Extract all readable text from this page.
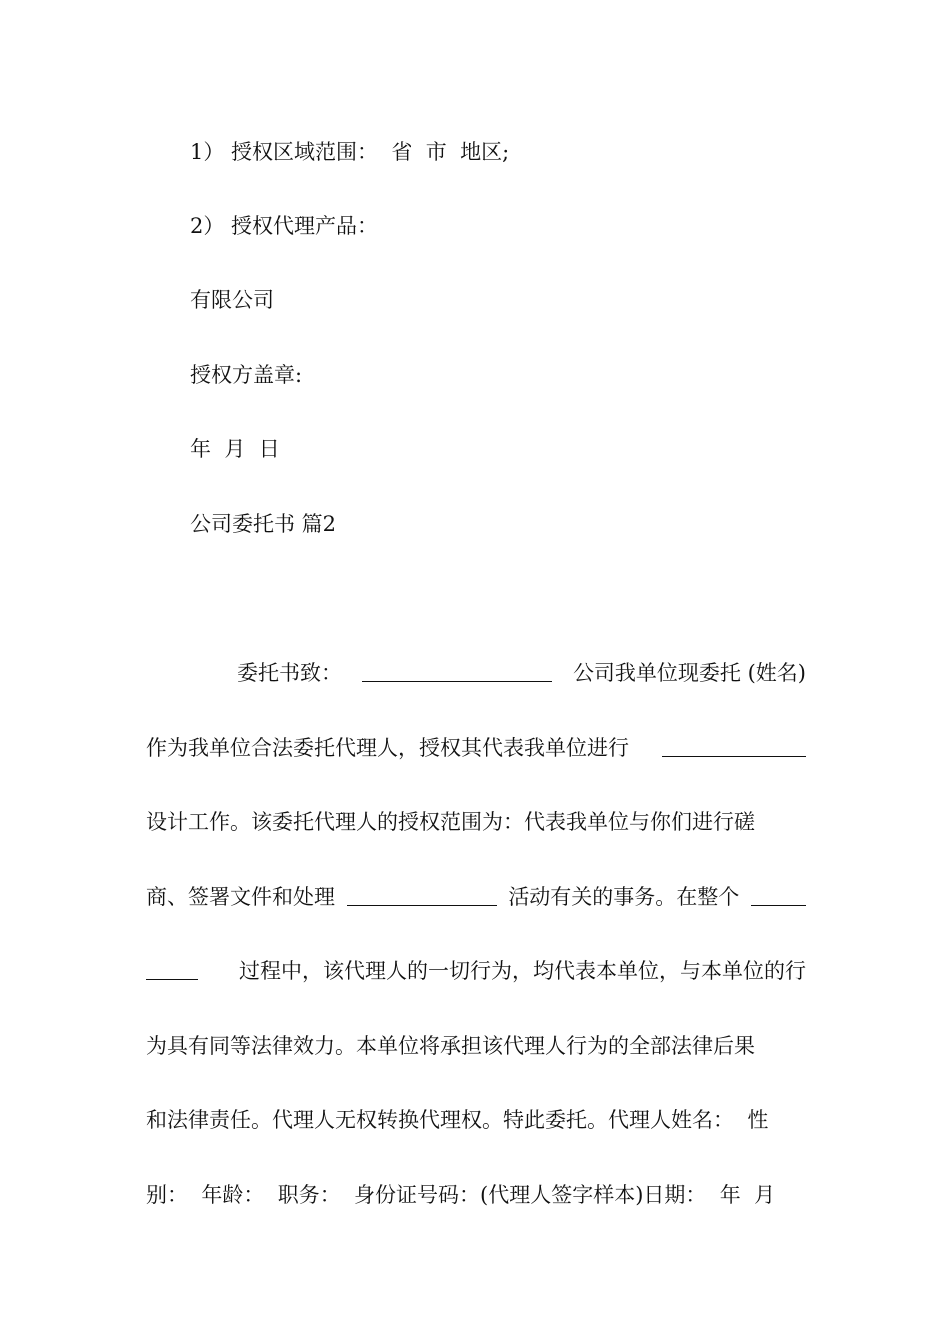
1） 授权区域范围：  省  市  地区;
2） 授权代理产品：
有限公司
授权方盖章:
年  月  日
公司委托书 篇2
委托书致：	公司我单位现委托 (姓名)
作为我单位合法委托代理人，授权其代表我单位进行
设计工作。该委托代理人的授权范围为：代表我单位与你们进行磋
商、签署文件和处理	活动有关的事务。在整个
过程中，该代理人的一切行为，均代表本单位，与本单位的行
为具有同等法律效力。本单位将承担该代理人行为的全部法律后果
和法律责任。代理人无权转换代理权。特此委托。代理人姓名：  性
别：  年龄：  职务：  身份证号码：(代理人签字样本)日期：  年  月
